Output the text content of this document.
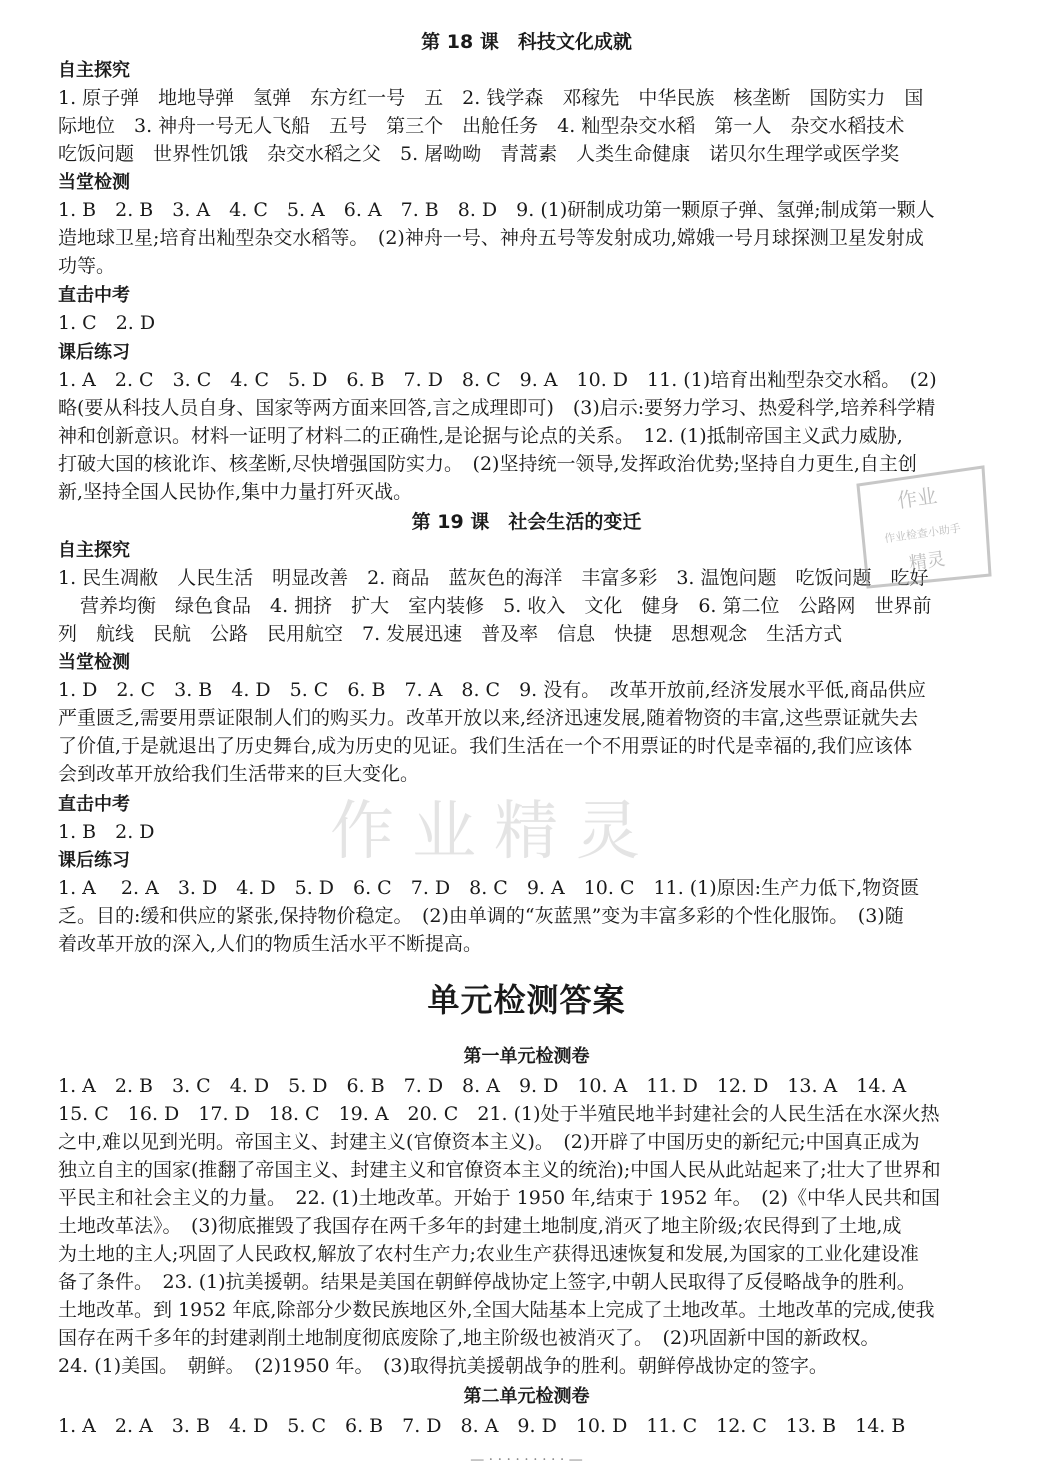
第 18 课　科技文化成就
自主探究
1. 原子弹　地地导弹　氢弹　东方红一号　五　2. 钱学森　邓稼先　中华民族　核垄断　国防实力　国
际地位　3. 神舟一号无人飞船　五号　第三个　出舱任务　4. 籼型杂交水稻　第一人　杂交水稻技术
吃饭问题　世界性饥饿　杂交水稻之父　5. 屠呦呦　青蒿素　人类生命健康　诺贝尔生理学或医学奖
当堂检测
1. B　2. B　3. A　4. C　5. A　6. A　7. B　8. D　9. (1)研制成功第一颗原子弹、氢弹;制成第一颗人
造地球卫星;培育出籼型杂交水稻等。　(2)神舟一号、神舟五号等发射成功,嫦娥一号月球探测卫星发射成
功等。
直击中考
1. C　2. D
课后练习
1. A　2. C　3. C　4. C　5. D　6. B　7. D　8. C　9. A　10. D　11. (1)培育出籼型杂交水稻。　(2)
略(要从科技人员自身、国家等两方面来回答,言之成理即可)　(3)启示:要努力学习、热爱科学,培养科学精
神和创新意识。材料一证明了材料二的正确性,是论据与论点的关系。　12. (1)抵制帝国主义武力威胁,
打破大国的核讹诈、核垄断,尽快增强国防实力。　(2)坚持统一领导,发挥政治优势;坚持自力更生,自主创
新,坚持全国人民协作,集中力量打歼灭战。
第 19 课　社会生活的变迁
自主探究
1. 民生凋敝　人民生活　明显改善　2. 商品　蓝灰色的海洋　丰富多彩　3. 温饱问题　吃饭问题　吃好
营养均衡　绿色食品　4. 拥挤　扩大　室内装修　5. 收入　文化　健身　6. 第二位　公路网　世界前
列　航线　民航　公路　民用航空　7. 发展迅速　普及率　信息　快捷　思想观念　生活方式
当堂检测
1. D　2. C　3. B　4. D　5. C　6. B　7. A　8. C　9. 没有。　改革开放前,经济发展水平低,商品供应
严重匮乏,需要用票证限制人们的购买力。改革开放以来,经济迅速发展,随着物资的丰富,这些票证就失去
了价值,于是就退出了历史舞台,成为历史的见证。我们生活在一个不用票证的时代是幸福的,我们应该体
会到改革开放给我们生活带来的巨大变化。
直击中考
1. B　2. D
课后练习
1. A　 2. A　3. D　4. D　5. D　6. C　7. D　8. C　9. A　10. C　11. (1)原因:生产力低下,物资匮
乏。目的:缓和供应的紧张,保持物价稳定。　(2)由单调的“灰蓝黑”变为丰富多彩的个性化服饰。　(3)随
着改革开放的深入,人们的物质生活水平不断提高。
单元检测答案
第一单元检测卷
1. A　2. B　3. C　4. D　5. D　6. B　7. D　8. A　9. D　10. A　11. D　12. D　13. A　14. A
15. C　16. D　17. D　18. C　19. A　20. C　21. (1)处于半殖民地半封建社会的人民生活在水深火热
之中,难以见到光明。帝国主义、封建主义(官僚资本主义)。　(2)开辟了中国历史的新纪元;中国真正成为
独立自主的国家(推翻了帝国主义、封建主义和官僚资本主义的统治);中国人民从此站起来了;壮大了世界和
平民主和社会主义的力量。　22. (1)土地改革。开始于 1950 年,结束于 1952 年。　(2)《中华人民共和国
土地改革法》。　(3)彻底摧毁了我国存在两千多年的封建土地制度,消灭了地主阶级;农民得到了土地,成
为土地的主人;巩固了人民政权,解放了农村生产力;农业生产获得迅速恢复和发展,为国家的工业化建设准
备了条件。　23. (1)抗美援朝。结果是美国在朝鲜停战协定上签字,中朝人民取得了反侵略战争的胜利。
土地改革。到 1952 年底,除部分少数民族地区外,全国大陆基本上完成了土地改革。土地改革的完成,使我
国存在两千多年的封建剥削土地制度彻底废除了,地主阶级也被消灭了。　(2)巩固新中国的新政权。
24. (1)美国。　朝鲜。　(2)1950 年。　(3)取得抗美援朝战争的胜利。朝鲜停战协定的签字。
第二单元检测卷
1. A　2. A　3. B　4. D　5. C　6. B　7. D　8. A　9. D　10. D　11. C　12. C　13. B　14. B
作业
作业检查小助手
精灵
作业精灵
— · · · · · · · · · —
